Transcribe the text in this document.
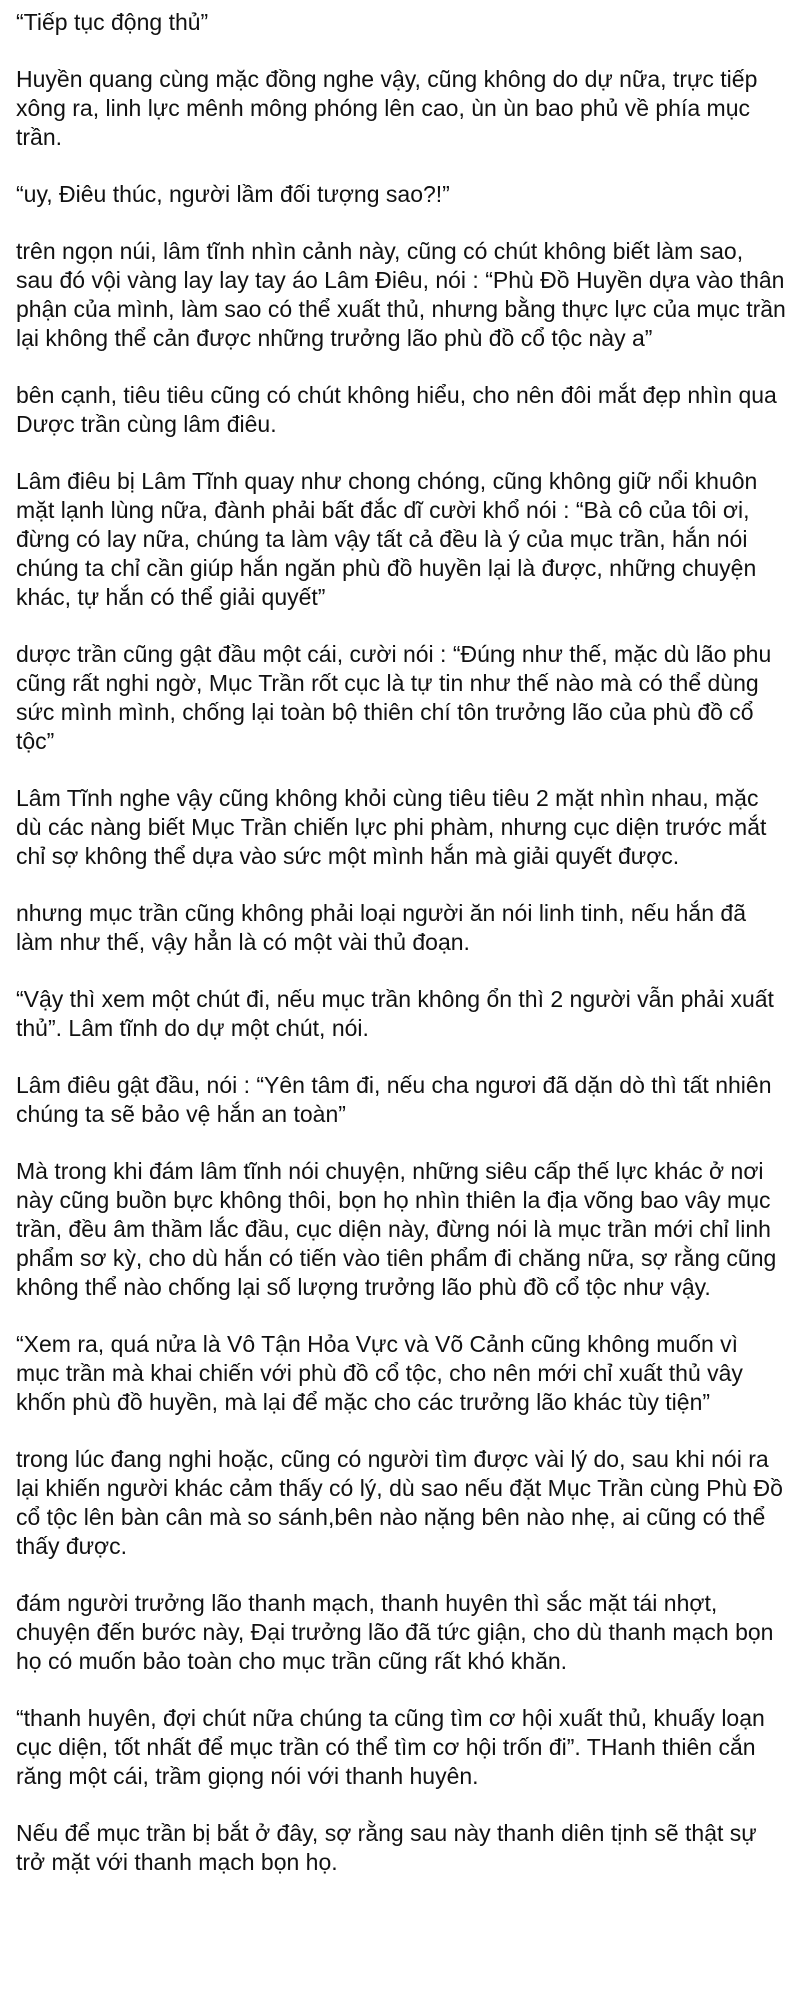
“Tiếp tục động thủ”

Huyền quang cùng mặc đồng nghe vậy, cũng không do dự nữa, trực tiếp xông ra, linh lực mênh mông phóng lên cao, ùn ùn bao phủ về phía mục trần.

“uy, Điêu thúc, người lầm đối tượng sao?!”

trên ngọn núi, lâm tĩnh nhìn cảnh này, cũng có chút không biết làm sao, sau đó vội vàng lay lay tay áo Lâm Điêu, nói : “Phù Đồ Huyền dựa vào thân phận của mình, làm sao có thể xuất thủ, nhưng bằng thực lực của mục trần lại không thể cản được những trưởng lão phù đồ cổ tộc này a”

bên cạnh, tiêu tiêu cũng có chút không hiểu, cho nên đôi mắt đẹp nhìn qua Dược trần cùng lâm điêu.

Lâm điêu bị Lâm Tĩnh quay như chong chóng, cũng không giữ nổi khuôn mặt lạnh lùng nữa, đành phải bất đắc dĩ cười khổ nói : “Bà cô của tôi ơi, đừng có lay nữa, chúng ta làm vậy tất cả đều là ý của mục trần, hắn nói chúng ta chỉ cần giúp hắn ngăn phù đồ huyền lại là được, những chuyện khác, tự hắn có thể giải quyết”

dược trần cũng gật đầu một cái, cười nói : “Đúng như thế, mặc dù lão phu cũng rất nghi ngờ, Mục Trần rốt cục là tự tin như thế nào mà có thể dùng sức mình mình, chống lại toàn bộ thiên chí tôn trưởng lão của phù đồ cổ tộc”

Lâm Tĩnh nghe vậy cũng không khỏi cùng tiêu tiêu 2 mặt nhìn nhau, mặc dù các nàng biết Mục Trần chiến lực phi phàm, nhưng cục diện trước mắt chỉ sợ không thể dựa vào sức một mình hắn mà giải quyết được.

nhưng mục trần cũng không phải loại người ăn nói linh tinh, nếu hắn đã làm như thế, vậy hẳn là có một vài thủ đoạn.

“Vậy thì xem một chút đi, nếu mục trần không ổn thì 2 người vẫn phải xuất thủ”. Lâm tĩnh do dự một chút, nói.

Lâm điêu gật đầu, nói : “Yên tâm đi, nếu cha ngươi đã dặn dò thì tất nhiên chúng ta sẽ bảo vệ hắn an toàn”

Mà trong khi đám lâm tĩnh nói chuyện, những siêu cấp thế lực khác ở nơi này cũng buồn bực không thôi, bọn họ nhìn thiên la địa võng bao vây mục trần, đều âm thầm lắc đầu, cục diện này, đừng nói là mục trần mới chỉ linh phẩm sơ kỳ, cho dù hắn có tiến vào tiên phẩm đi chăng nữa, sợ rằng cũng không thể nào chống lại số lượng trưởng lão phù đồ cổ tộc như vậy.

“Xem ra, quá nửa là Vô Tận Hỏa Vực và Võ Cảnh cũng không muốn vì mục trần mà khai chiến với phù đồ cổ tộc, cho nên mới chỉ xuất thủ vây khốn phù đồ huyền, mà lại để mặc cho các trưởng lão khác tùy tiện”

trong lúc đang nghi hoặc, cũng có người tìm được vài lý do, sau khi nói ra lại khiến người khác cảm thấy có lý, dù sao nếu đặt Mục Trần cùng Phù Đồ cổ tộc lên bàn cân mà so sánh,bên nào nặng bên nào nhẹ, ai cũng có thể thấy được.

đám người trưởng lão thanh mạch, thanh huyên thì sắc mặt tái nhợt, chuyện đến bước này, Đại trưởng lão đã tức giận, cho dù thanh mạch bọn họ có muốn bảo toàn cho mục trần cũng rất khó khăn.

“thanh huyên, đợi chút nữa chúng ta cũng tìm cơ hội xuất thủ, khuấy loạn cục diện, tốt nhất để mục trần có thể tìm cơ hội trốn đi”. THanh thiên cắn răng một cái, trầm giọng nói với thanh huyên.

Nếu để mục trần bị bắt ở đây, sợ rằng sau này thanh diên tịnh sẽ thật sự trở mặt với thanh mạch bọn họ.
